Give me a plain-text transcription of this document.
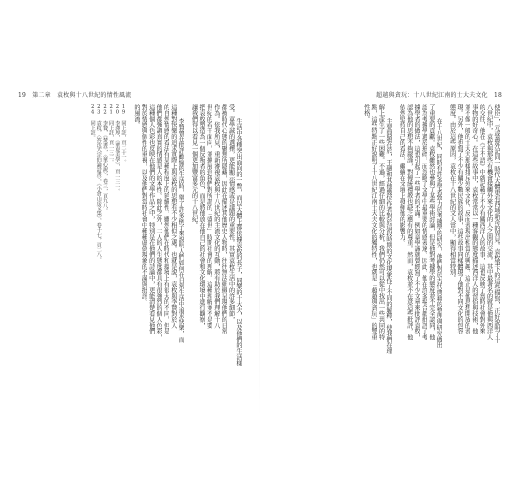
19　第二章　袁枚與十八世紀的情性風流
生活中各種突出面向的一瞥，而以大體上都依據袁枚的長子，同樂的十大夫，以及他們的生活樣
受。章學誠的選擇，更能顯示情感或是議題的重要性。其實袁枚生活中的許多細節，
都被時代心態的聚焦所隱藏，因此在描述其他歷史人物時，往往無法細緻呈現他們的日常
作為。依我所見，重新審視袁枚與十八世紀的主流文化的互動，將有助於我們理解十八
世紀的若干面向，並擴展到我們對所謂的「盛世」時期社會的理解。這種理解並不是要
把袁枚塑造為一個反叛者的角色，而是將他放在他自己的社會和文化環境中進行觀察，
讓我們得以看見一個更加豐富多元的十八世紀。
李贊曾在批評歡愉的生活時，舉了許多例子來說明人們如何在日常生活中追求快樂，而
這種對快樂的追求實際上與袁枚的思想有不少相似之處。也就是說，袁枚與李贄對於人
的自然情感的看法有某種程度上的延續性，雖然他們在時代和環境上有很大的不同，但是
他們都強調真實的情感是人的本性。除此之外，二人的人生態度都具有很強烈的個人色彩，
這種個人色彩也反映在他們的文學作品之中，特別是在他們的詩論中，更能清楚看見他們
對於情感與個性的重視，以及他們對當時社會中種種虛偽現象的不滿與批評。
的風流。
19　同上註，頁二十一。
20　李澤厚，《華夏美學》，頁一三一。
21　同上註，頁一三二。
22　李贄，《焚書》，〈童心說〉，卷三，頁九八。
23　袁枚，〈答沈大宗伯論詩書〉，《小倉山房文集》，卷十七，頁二八。
24　同上註。
超越與貪玩：十八世紀江南的士大夫文化　18
使臣」，元或叢外記同一時代大體更有西域新奇的異見。袁枚筆下的這些描寫，正好說明了十
八世紀中，袁枚與那些有機會接觸外來文化的人之間的交流。其中最著名的就是他與西洋人
的交往，他在《子不語》中就記載了不少有關西洋人的故事，這也反映了當時社會對外來
事物的好奇心。在這些故事中，袁枚常常以一種客觀的態度描述西洋人的習俗與技術，他
並不像一般的士大夫那樣排斥外來文化，反而表現出相當的興趣，這正是他思想開放的表
現。另外，他也寫了不少有關少數民族的故事，這些故事同樣體現了他對不同文化的包容
態度。由於這些原因，袁枚在十八世紀的文人當中，顯得相當特別。
在十八世紀，同時有許多學者致力於考據學的研究，他們對於古代典籍的整理與研究做出
了重要的貢獻。袁枚雖然也參與了某些學術討論，但是他對考據學的態度並不完全認同，他
認為考據學過於瑣碎，而忽略了文學中最重要的情感表達。因此，他在許多場合都批評了考
據學者的做法，這也引起了一些學者的不滿。例如章學誠就曾經寫了不少文章來批評袁枚，
認為他的思想不夠嚴謹，對傳統禮教也缺乏應有的尊重。然而，袁枚並不在意這些批評，他
依然堅持自己的看法，繼續在文壇上發揮他的影響力。
主要問題在於，王融和其他幾位作者對於這段時期的文化現象作了不同的解釋，使我們在理
解上產生了一些困難。不過，經過仔細的比較與分析，我們仍然可以從中找出一些共同的特
點，這些特點正好說明了十八世紀江南士大夫文化的獨特性，也就是「超越與貪玩」的雙重
性格。
